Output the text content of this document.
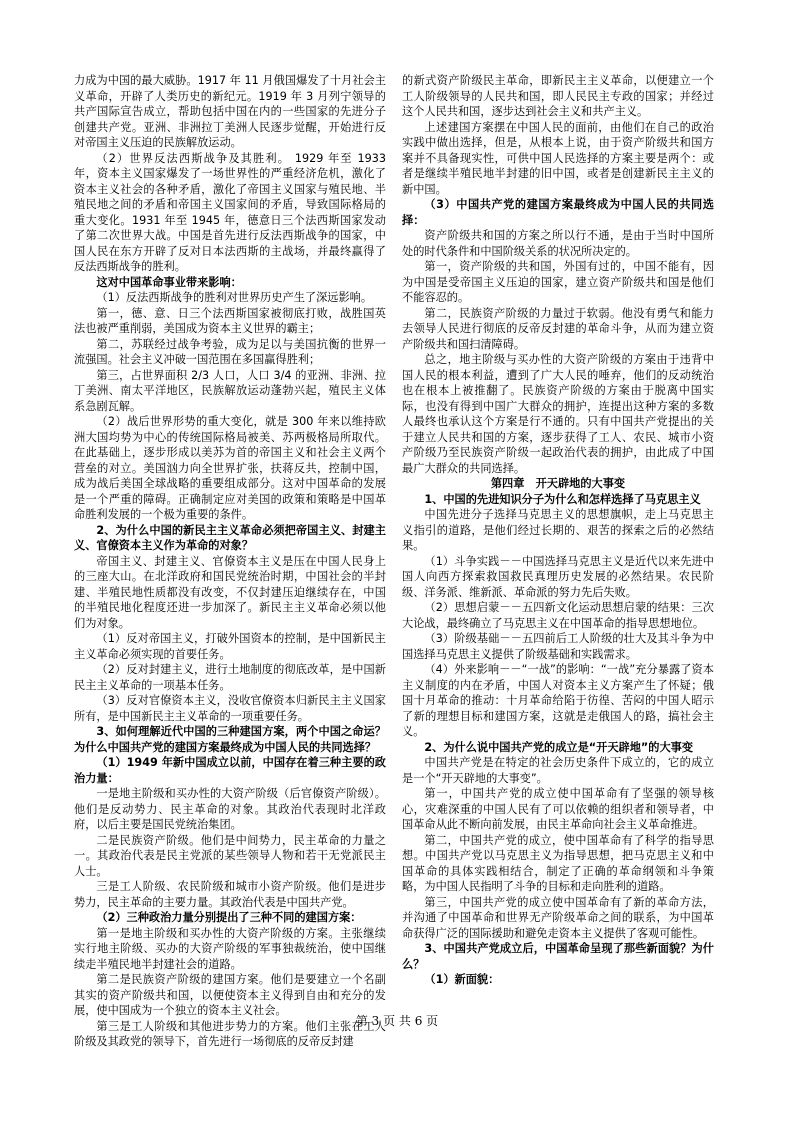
力成为中国的最大威胁。1917 年 11 月俄国爆发了十月社会主义革命，开辟了人类历史的新纪元。1919 年 3 月列宁领导的共产国际宣告成立，帮助包括中国在内的一些国家的先进分子创建共产党。亚洲、非洲拉丁美洲人民逐步觉醒，开始进行反对帝国主义压迫的民族解放运动。

（2）世界反法西斯战争及其胜利。 1929 年至 1933 年，资本主义国家爆发了一场世界性的严重经济危机，激化了资本主义社会的各种矛盾，激化了帝国主义国家与殖民地、半殖民地之间的矛盾和帝国主义国家间的矛盾，导致国际格局的重大变化。1931 年至 1945 年，德意日三个法西斯国家发动了第二次世界大战。中国是首先进行反法西斯战争的国家，中国人民在东方开辟了反对日本法西斯的主战场，并最终赢得了反法西斯战争的胜利。

这对中国革命事业带来影响：

（1）反法西斯战争的胜利对世界历史产生了深远影响。

第一，德、意、日三个法西斯国家被彻底打败，战胜国英法也被严重削弱，美国成为资本主义世界的霸主；

第二，苏联经过战争考验，成为足以与美国抗衡的世界一流强国。社会主义冲破一国范围在多国赢得胜利；

第三，占世界面积 2/3 人口，人口 3/4 的亚洲、非洲、拉丁美洲、南太平洋地区，民族解放运动蓬勃兴起，殖民主义体系急剧瓦解。

（2）战后世界形势的重大变化，就是 300 年来以维持欧洲大国均势为中心的传统国际格局被美、苏两极格局所取代。在此基础上，逐步形成以美苏为首的帝国主义和社会主义两个营垒的对立。美国汹力向全世界扩张，扶蒋反共，控制中国，成为战后美国全球战略的重要组成部分。这对中国革命的发展是一个严重的障碍。正确制定应对美国的政策和策略是中国革命胜利发展的一个极为重要的条件。

2、为什么中国的新民主主义革命必须把帝国主义、封建主义、官僚资本主义作为革命的对象？

帝国主义、封建主义、官僚资本主义是压在中国人民身上的三座大山。在北洋政府和国民党统治时期，中国社会的半封建、半殖民地性质都没有改变，不仅封建压迫继续存在，中国的半殖民地化程度还进一步加深了。新民主主义革命必须以他们为对象。

（1）反对帝国主义，打破外国资本的控制，是中国新民主主义革命必须实现的首要任务。

（2）反对封建主义，进行土地制度的彻底改革，是中国新民主主义革命的一项基本任务。

（3）反对官僚资本主义，没收官僚资本归新民主主义国家所有，是中国新民主主义革命的一项重要任务。

3、如何理解近代中国的三种建国方案，两个中国之命运？为什么中国共产党的建国方案最终成为中国人民的共同选择？

（1）1949 年新中国成立以前，中国存在着三种主要的政治力量：

一是地主阶级和买办性的大资产阶级（后官僚资产阶级）。他们是反动势力、民主革命的对象。其政治代表现时北洋政府，以后主要是国民党统治集团。

二是民族资产阶级。他们是中间势力，民主革命的力量之一。其政治代表是民主党派的某些领导人物和若干无党派民主人士。

三是工人阶级、农民阶级和城市小资产阶级。他们是进步势力，民主革命的主要力量。其政治代表是中国共产党。

（2）三种政治力量分别提出了三种不同的建国方案：

第一是地主阶级和买办性的大资产阶级的方案。主张继续实行地主阶级、买办的大资产阶级的军事独裁统治，使中国继续走半殖民地半封建社会的道路。

第二是民族资产阶级的建国方案。他们是要建立一个名副其实的资产阶级共和国，以便使资本主义得到自由和充分的发展，使中国成为一个独立的资本主义社会。

第三是工人阶级和其他进步势力的方案。他们主张在工人阶级及其政党的领导下，首先进行一场彻底的反帝反封建

的新式资产阶级民主革命，即新民主主义革命，以便建立一个工人阶级领导的人民共和国，即人民民主专政的国家；并经过这个人民共和国，逐步达到社会主义和共产主义。

上述建国方案摆在中国人民的面前，由他们在自己的政治实践中做出选择，但是，从根本上说，由于资产阶级共和国方案并不具备现实性，可供中国人民选择的方案主要是两个：或者是继续半殖民地半封建的旧中国，或者是创建新民主主义的新中国。

（3）中国共产党的建国方案最终成为中国人民的共同选择：

资产阶级共和国的方案之所以行不通，是由于当时中国所处的时代条件和中国阶级关系的状况所决定的。

第一，资产阶级的共和国，外国有过的，中国不能有，因为中国是受帝国主义压迫的国家，建立资产阶级共和国是他们不能容忍的。

第二，民族资产阶级的力量过于软弱。他没有勇气和能力去领导人民进行彻底的反帝反封建的革命斗争，从而为建立资产阶级共和国扫清障碍。

总之，地主阶级与买办性的大资产阶级的方案由于违背中国人民的根本利益，遭到了广大人民的唾弃，他们的反动统治也在根本上被推翻了。民族资产阶级的方案由于脱离中国实际，也没有得到中国广大群众的拥护，连提出这种方案的多数人最终也承认这个方案是行不通的。只有中国共产党提出的关于建立人民共和国的方案，逐步获得了工人、农民、城市小资产阶级乃至民族资产阶级一起政治代表的拥护，由此成了中国最广大群众的共同选择。

第四章　开天辟地的大事变

1、中国的先进知识分子为什么和怎样选择了马克思主义

中国先进分子选择马克思主义的思想旗帜，走上马克思主义指引的道路，是他们经过长期的、艰苦的探索之后的必然结果。

（1）斗争实践－－中国选择马克思主义是近代以来先进中国人向西方探索救国救民真理历史发展的必然结果。农民阶级、洋务派、维新派、革命派的努力先后失败。

（2）思想启蒙－－五四新文化运动思想启蒙的结果：三次大论战，最终确立了马克思主义在中国革命的指导思想地位。

（3）阶级基础－－五四前后工人阶级的壮大及其斗争为中国选择马克思主义提供了阶级基础和实践需求。

（4）外来影响－－“一战”的影响：“一战”充分暴露了资本主义制度的内在矛盾，中国人对资本主义方案产生了怀疑；俄国十月革命的推动：十月革命给陷于彷徨、苦闷的中国人昭示了新的理想目标和建国方案，这就是走俄国人的路，搞社会主义。

2、为什么说中国共产党的成立是“开天辟地”的大事变

中国共产党是在特定的社会历史条件下成立的，它的成立是一个“开天辟地的大事变”。

第一，中国共产党的成立使中国革命有了坚强的领导核心，灾难深重的中国人民有了可以依赖的组织者和领导者，中国革命从此不断向前发展，由民主革命向社会主义革命推进。

第二，中国共产党的成立，使中国革命有了科学的指导思想。中国共产党以马克思主义为指导思想，把马克思主义和中国革命的具体实践相结合，制定了正确的革命纲领和斗争策略，为中国人民指明了斗争的目标和走向胜利的道路。

第三，中国共产党的成立使中国革命有了新的革命方法，并沟通了中国革命和世界无产阶级革命之间的联系，为中国革命获得广泛的国际援助和避免走资本主义提供了客观可能性。

3、中国共产党成立后，中国革命呈现了那些新面貌？为什么？

（1）新面貌：

第 3 页 共 6 页
